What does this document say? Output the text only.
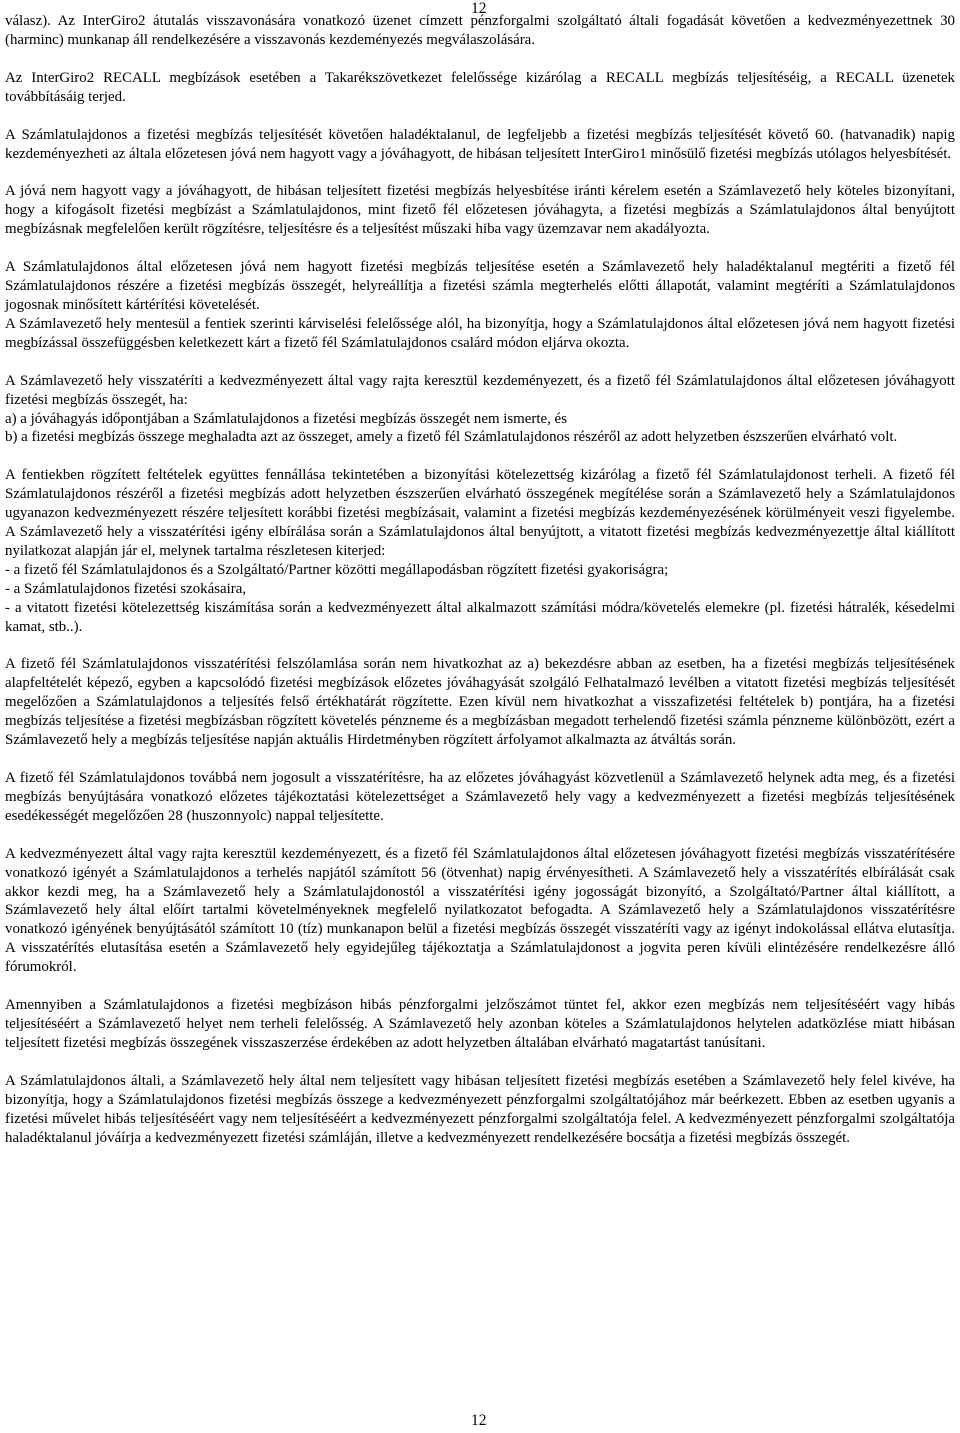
12

válasz). Az InterGiro2 átutalás visszavonására vonatkozó üzenet címzett pénzforgalmi szolgáltató általi fogadását követően a kedvezményezettnek 30 (harminc) munkanap áll rendelkezésére a visszavonás kezdeményezés megválaszolására.

Az InterGiro2 RECALL megbízások esetében a Takarékszövetkezet felelőssége kizárólag a RECALL megbízás teljesítéséig, a RECALL üzenetek továbbításáig terjed.

A Számlatulajdonos a fizetési megbízás teljesítését követően haladéktalanul, de legfeljebb a fizetési megbízás teljesítését követő 60. (hatvanadik) napig kezdeményezheti az általa előzetesen jóvá nem hagyott vagy a jóváhagyott, de hibásan teljesített InterGiro1 minősülő fizetési megbízás utólagos helyesbítését.

A jóvá nem hagyott vagy a jóváhagyott, de hibásan teljesített fizetési megbízás helyesbítése iránti kérelem esetén a Számlavezető hely köteles bizonyítani, hogy a kifogásolt fizetési megbízást a Számlatulajdonos, mint fizető fél előzetesen jóváhagyta, a fizetési megbízás a Számlatulajdonos által benyújtott megbízásnak megfelelően került rögzítésre, teljesítésre és a teljesítést műszaki hiba vagy üzemzavar nem akadályozta.

A Számlatulajdonos által előzetesen jóvá nem hagyott fizetési megbízás teljesítése esetén a Számlavezető hely haladéktalanul megtériti a fizető fél Számlatulajdonos részére a fizetési megbízás összegét, helyreállítja a fizetési számla megterhelés előtti állapotát, valamint megtéríti a Számlatulajdonos jogosnak minősített kártérítési követelését.

A Számlavezető hely mentesül a fentiek szerinti kárviselési felelőssége alól, ha bizonyítja, hogy a Számlatulajdonos által előzetesen jóvá nem hagyott fizetési megbízással összefüggésben keletkezett kárt a fizető fél Számlatulajdonos csalárd módon eljárva okozta.

A Számlavezető hely visszatéríti a kedvezményezett által vagy rajta keresztül kezdeményezett, és a fizető fél Számlatulajdonos által előzetesen jóváhagyott fizetési megbízás összegét, ha:

a) a jóváhagyás időpontjában a Számlatulajdonos a fizetési megbízás összegét nem ismerte, és

b) a fizetési megbízás összege meghaladta azt az összeget, amely a fizető fél Számlatulajdonos részéről az adott helyzetben észszerűen elvárható volt.

A fentiekben rögzített feltételek együttes fennállása tekintetében a bizonyítási kötelezettség kizárólag a fizető fél Számlatulajdonost terheli. A fizető fél Számlatulajdonos részéről a fizetési megbízás adott helyzetben észszerűen elvárható összegének megítélése során a Számlavezető hely a Számlatulajdonos ugyanazon kedvezményezett részére teljesített korábbi fizetési megbízásait, valamint a fizetési megbízás kezdeményezésének körülményeit veszi figyelembe. A Számlavezető hely a visszatérítési igény elbírálása során a Számlatulajdonos által benyújtott, a vitatott fizetési megbízás kedvezményezettje által kiállított nyilatkozat alapján jár el, melynek tartalma részletesen kiterjed:

- a fizető fél Számlatulajdonos és a Szolgáltató/Partner közötti megállapodásban rögzített fizetési gyakoriságra;

- a Számlatulajdonos fizetési szokásaira,

- a vitatott fizetési kötelezettség kiszámítása során a kedvezményezett által alkalmazott számítási módra/követelés elemekre (pl. fizetési hátralék, késedelmi kamat, stb..).

A fizető fél Számlatulajdonos visszatérítési felszólamlása során nem hivatkozhat az a) bekezdésre abban az esetben, ha a fizetési megbízás teljesítésének alapfeltételét képező, egyben a kapcsolódó fizetési megbízások előzetes jóváhagyását szolgáló Felhatalmazó levélben a vitatott fizetési megbízás teljesítését megelőzően a Számlatulajdonos a teljesítés felső értékhatárát rögzítette. Ezen kívül nem hivatkozhat a visszafizetési feltételek b) pontjára, ha a fizetési megbízás teljesítése a fizetési megbízásban rögzített követelés pénzneme és a megbízásban megadott terhelendő fizetési számla pénzneme különbözött, ezért a Számlavezető hely a megbízás teljesítése napján aktuális Hirdetményben rögzített árfolyamot alkalmazta az átváltás során.

A fizető fél Számlatulajdonos továbbá nem jogosult a visszatérítésre, ha az előzetes jóváhagyást közvetlenül a Számlavezető helynek adta meg, és a fizetési megbízás benyújtására vonatkozó előzetes tájékoztatási kötelezettséget a Számlavezető hely vagy a kedvezményezett a fizetési megbízás teljesítésének esedékességét megelőzően 28 (huszonnyolc) nappal teljesítette.

A kedvezményezett által vagy rajta keresztül kezdeményezett, és a fizető fél Számlatulajdonos által előzetesen jóváhagyott fizetési megbízás visszatérítésére vonatkozó igényét a Számlatulajdonos a terhelés napjától számított 56 (ötvenhat) napig érvényesítheti. A Számlavezető hely a visszatérítés elbírálását csak akkor kezdi meg, ha a Számlavezető hely a Számlatulajdonostól a visszatérítési igény jogosságát bizonyító, a Szolgáltató/Partner által kiállított, a Számlavezető hely által előírt tartalmi követelményeknek megfelelő nyilatkozatot befogadta. A Számlavezető hely a Számlatulajdonos visszatérítésre vonatkozó igényének benyújtásától számított 10 (tíz) munkanapon belül a fizetési megbízás összegét visszatéríti vagy az igényt indokolással ellátva elutasítja. A visszatérítés elutasítása esetén a Számlavezető hely egyidejűleg tájékoztatja a Számlatulajdonost a jogvita peren kívüli elintézésére rendelkezésre álló fórumokról.

Amennyiben a Számlatulajdonos a fizetési megbízáson hibás pénzforgalmi jelzőszámot tüntet fel, akkor ezen megbízás nem teljesítéséért vagy hibás teljesítéséért a Számlavezető helyet nem terheli felelősség. A Számlavezető hely azonban köteles a Számlatulajdonos helytelen adatközlése miatt hibásan teljesített fizetési megbízás összegének visszaszerzése érdekében az adott helyzetben általában elvárható magatartást tanúsítani.

A Számlatulajdonos általi, a Számlavezető hely által nem teljesített vagy hibásan teljesített fizetési megbízás esetében a Számlavezető hely felel kivéve, ha bizonyítja, hogy a Számlatulajdonos fizetési megbízás összege a kedvezményezett pénzforgalmi szolgáltatójához már beérkezett. Ebben az esetben ugyanis a fizetési művelet hibás teljesítéséért vagy nem teljesítéséért a kedvezményezett pénzforgalmi szolgáltatója felel. A kedvezményezett pénzforgalmi szolgáltatója haladéktalanul jóváírja a kedvezményezett fizetési számláján, illetve a kedvezményezett rendelkezésére bocsátja a fizetési megbízás összegét.

12
